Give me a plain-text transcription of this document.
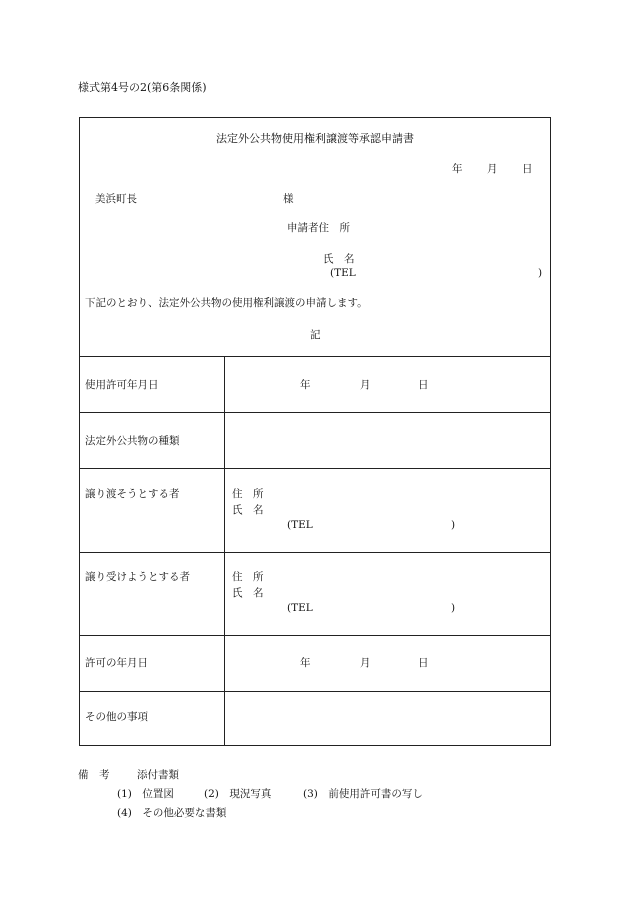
様式第4号の2(第6条関係)
法定外公共物使用権利譲渡等承認申請書
年 月 日
美浜町長	様
申請者住　所
氏　名
(TEL	)
下記のとおり、法定外公共物の使用権利譲渡の申請します。
記
使用許可年月日	年	月	日
法定外公共物の種類
譲り渡そうとする者	住　所
氏　名
(TEL	)
譲り受けようとする者	住　所
氏　名
(TEL	)
許可の年月日	年	月	日
その他の事項
備　考	添付書類
(1)　位置図	(2)　現況写真	(3)　前使用許可書の写し
(4)　その他必要な書類
